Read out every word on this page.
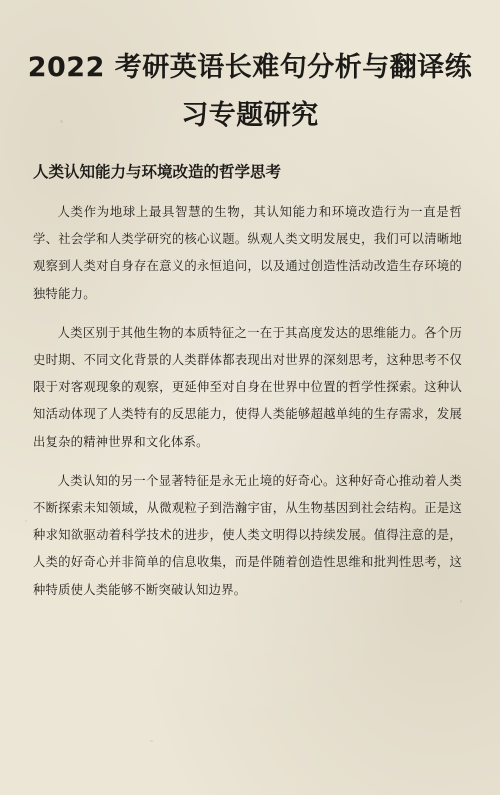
2022 考研英语长难句分析与翻译练习专题研究
人类认知能力与环境改造的哲学思考

人类作为地球上最具智慧的生物，其认知能力和环境改造行为一直是哲学、社会学和人类学研究的核心议题。纵观人类文明发展史，我们可以清晰地观察到人类对自身存在意义的永恒追问，以及通过创造性活动改造生存环境的独特能力。

人类区别于其他生物的本质特征之一在于其高度发达的思维能力。各个历史时期、不同文化背景的人类群体都表现出对世界的深刻思考，这种思考不仅限于对客观现象的观察，更延伸至对自身在世界中位置的哲学性探索。这种认知活动体现了人类特有的反思能力，使得人类能够超越单纯的生存需求，发展出复杂的精神世界和文化体系。

人类认知的另一个显著特征是永无止境的好奇心。这种好奇心推动着人类不断探索未知领域，从微观粒子到浩瀚宇宙，从生物基因到社会结构。正是这种求知欲驱动着科学技术的进步，使人类文明得以持续发展。值得注意的是，人类的好奇心并非简单的信息收集，而是伴随着创造性思维和批判性思考，这种特质使人类能够不断突破认知边界。
